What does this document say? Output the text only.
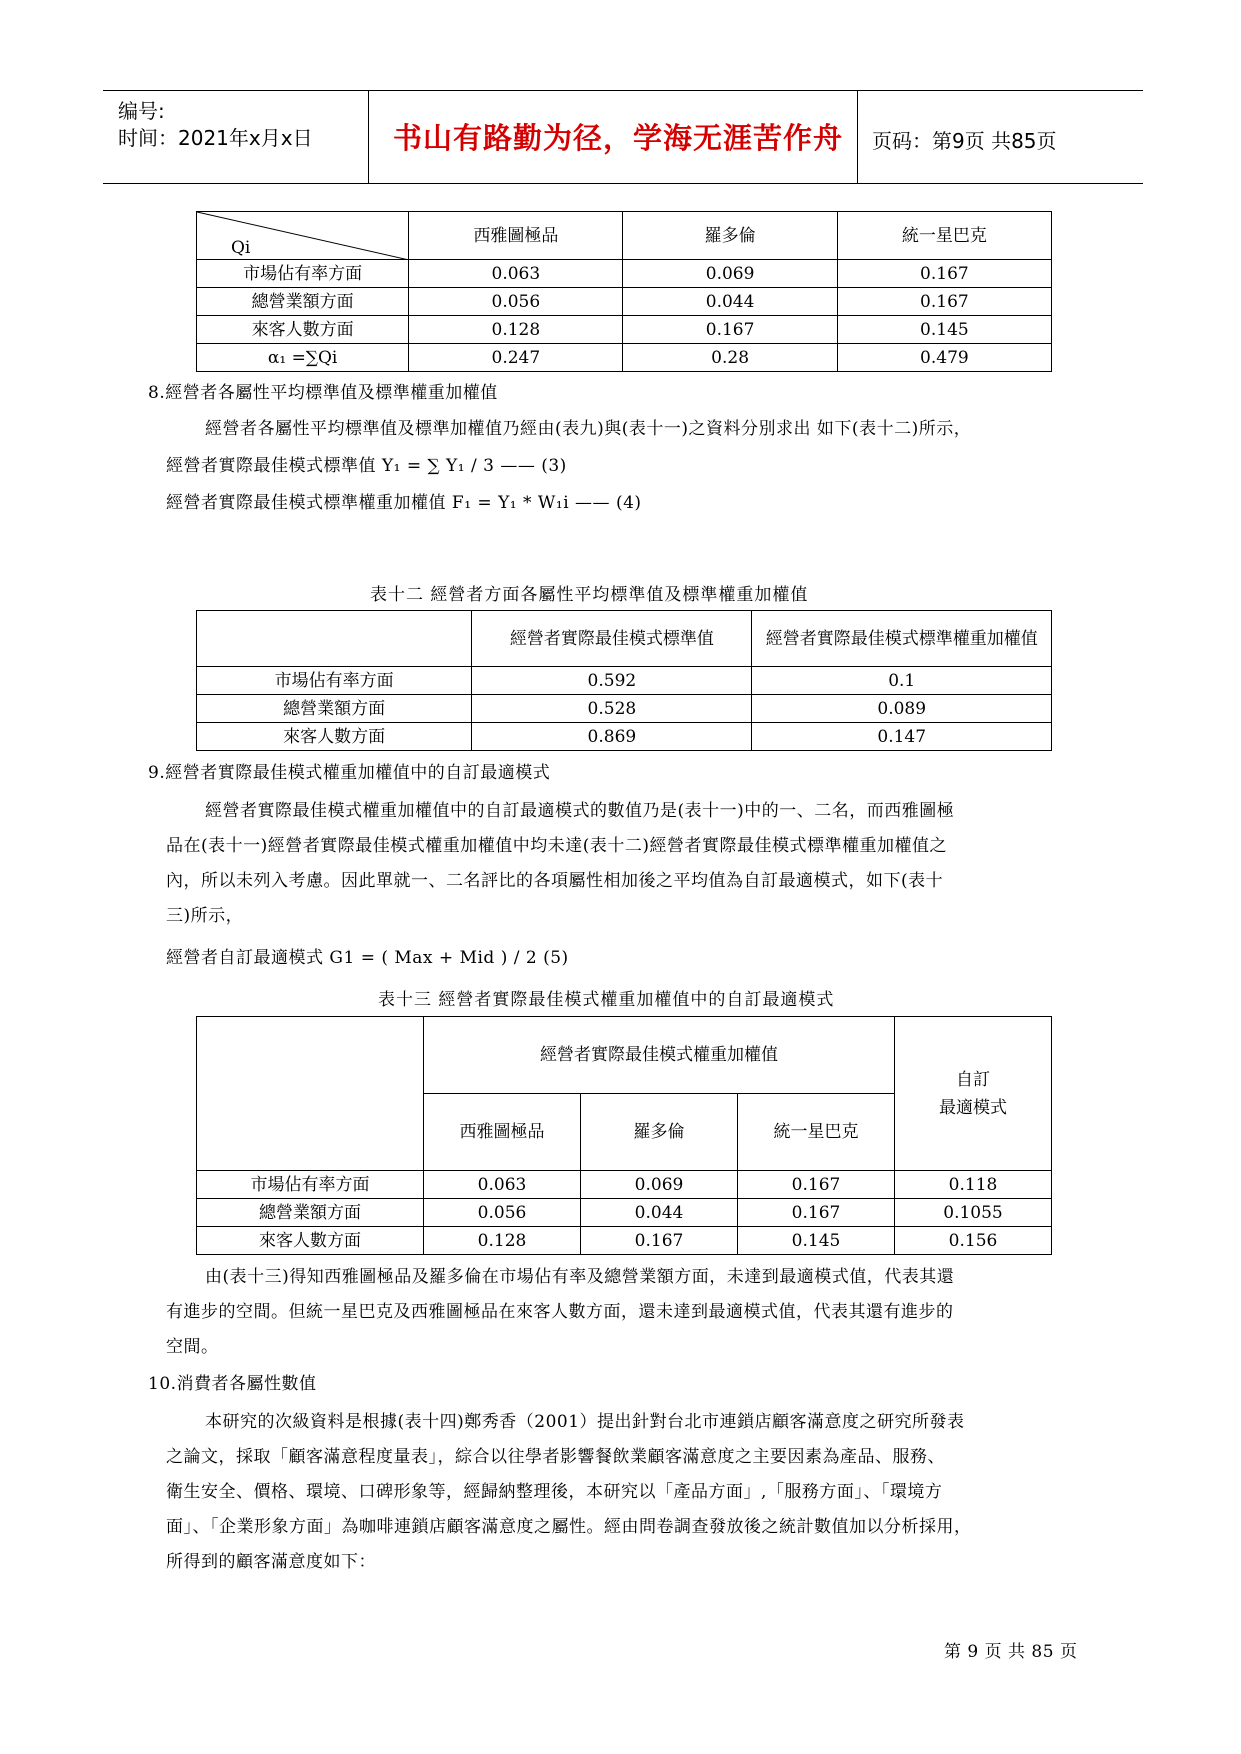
编号:
时间：2021年x月x日	书山有路勤为径，学海无涯苦作舟 页码：第9页 共85页
Qi	西雅圖極品	羅多倫	統一星巴克
市場佔有率方面	0.063	0.069	0.167
總營業額方面	0.056	0.044	0.167
來客人數方面	0.128	0.167	0.145
α₁ =∑Qi	0.247	0.28	0.479
8.經營者各屬性平均標準值及標準權重加權值
經營者各屬性平均標準值及標準加權值乃經由(表九)與(表十一)之資料分別求出 如下(表十二)所示，
經營者實際最佳模式標準值 Y₁ = ∑ Y₁ / 3 —— (3)
經營者實際最佳模式標準權重加權值 F₁ = Y₁ * W₁i —— (4)
表十二 經營者方面各屬性平均標準值及標準權重加權值
	經營者實際最佳模式標準值	經營者實際最佳模式標準權重加權值
市場佔有率方面	0.592	0.1
總營業額方面	0.528	0.089
來客人數方面	0.869	0.147
9.經營者實際最佳模式權重加權值中的自訂最適模式
經營者實際最佳模式權重加權值中的自訂最適模式的數值乃是(表十一)中的一、二名，而西雅圖極
品在(表十一)經營者實際最佳模式權重加權值中均未達(表十二)經營者實際最佳模式標準權重加權值之
內，所以未列入考慮。因此單就一、二名評比的各項屬性相加後之平均值為自訂最適模式，如下(表十
三)所示，
經營者自訂最適模式 G1 = ( Max + Mid ) / 2 (5)
表十三 經營者實際最佳模式權重加權值中的自訂最適模式
	經營者實際最佳模式權重加權值			自訂
最適模式

	西雅圖極品	羅多倫	統一星巴克	
市場佔有率方面	0.063	0.069	0.167	0.118
總營業額方面	0.056	0.044	0.167	0.1055
來客人數方面	0.128	0.167	0.145	0.156
由(表十三)得知西雅圖極品及羅多倫在市場佔有率及總營業額方面，未達到最適模式值，代表其還
有進步的空間。但統一星巴克及西雅圖極品在來客人數方面，還未達到最適模式值，代表其還有進步的
空間。
10.消費者各屬性數值
本研究的次級資料是根據(表十四)鄭秀香（2001）提出針對台北市連鎖店顧客滿意度之研究所發表
之論文，採取「顧客滿意程度量表」，綜合以往學者影響餐飲業顧客滿意度之主要因素為產品、服務、
衛生安全、價格、環境、口碑形象等，經歸納整理後，本研究以「產品方面」,「服務方面」、「環境方
面」、「企業形象方面」為咖啡連鎖店顧客滿意度之屬性。經由問卷調查發放後之統計數值加以分析採用，
所得到的顧客滿意度如下：
第 9 页 共 85 页
